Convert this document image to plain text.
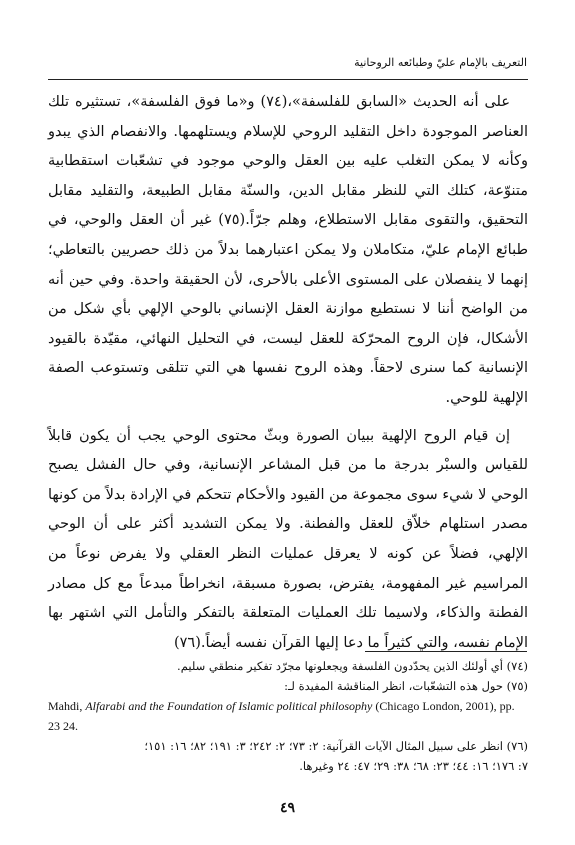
التعريف بالإمام عليّ وطبائعه الروحانية

على أنه الحديث «السابق للفلسفة»،(٧٤) و«ما فوق الفلسفة»، تستثيره تلك العناصر الموجودة داخل التقليد الروحي للإسلام ويستلهمها. والانفصام الذي يبدو وكأنه لا يمكن التغلب عليه بين العقل والوحي موجود في تشعّبات استقطابية متنوّعة، كتلك التي للنظر مقابل الدين، والسنّة مقابل الطبيعة، والتقليد مقابل التحقيق، والتقوى مقابل الاستطلاع، وهلم جرّاً.(٧٥) غير أن العقل والوحي، في طبائع الإمام عليّ، متكاملان ولا يمكن اعتبارهما بدلاً من ذلك حصريين بالتعاطي؛ إنهما لا ينفصلان على المستوى الأعلى بالأحرى، لأن الحقيقة واحدة. وفي حين أنه من الواضح أننا لا نستطيع موازنة العقل الإنساني بالوحي الإلهي بأي شكل من الأشكال، فإن الروح المحرّكة للعقل ليست، في التحليل النهائي، مقيّدة بالقيود الإنسانية كما سنرى لاحقاً. وهذه الروح نفسها هي التي تتلقى وتستوعب الصفة الإلهية للوحي.

إن قيام الروح الإلهية ببيان الصورة وبثّ محتوى الوحي يجب أن يكون قابلاً للقياس والسبْر بدرجة ما من قبل المشاعر الإنسانية، وفي حال الفشل يصبح الوحي لا شيء سوى مجموعة من القيود والأحكام تتحكم في الإرادة بدلاً من كونها مصدر استلهام خلاّق للعقل والفطنة. ولا يمكن التشديد أكثر على أن الوحي الإلهي، فضلاً عن كونه لا يعرقل عمليات النظر العقلي ولا يفرض نوعاً من المراسيم غير المفهومة، يفترض، بصورة مسبقة، انخراطاً مبدعاً مع كل مصادر الفطنة والذكاء، ولاسيما تلك العمليات المتعلقة بالتفكر والتأمل التي اشتهر بها الإمام نفسه، والتي كثيراً ما دعا إليها القرآن نفسه أيضاً.(٧٦)

(٧٤) أي أولئك الذين يحدّدون الفلسفة ويجعلونها مجرّد تفكير منطقي سليم.
(٧٥) حول هذه التشعّبات، انظر المناقشة المفيدة لـ:
Mahdi, Alfarabi and the Foundation of Islamic political philosophy (Chicago London, 2001), pp. 23 24.
(٧٦) انظر على سبيل المثال الآيات القرآنية: ٢: ٧٣؛ ٢: ٢٤٢؛ ٣: ١٩١؛ ٨٢؛ ١٦: ١٥١؛
٧: ١٧٦؛ ١٦: ٤٤؛ ٢٣: ٦٨؛ ٣٨: ٢٩؛ ٤٧: ٢٤ وغيرها.
٤٩
